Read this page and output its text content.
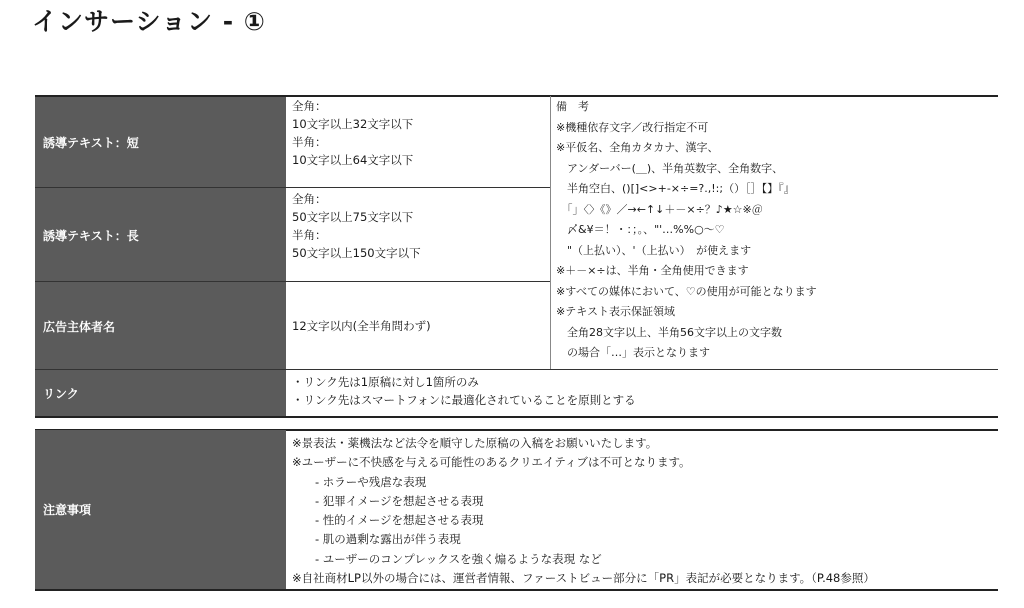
インサーション - ①
誘導テキスト：短
誘導テキスト：長
広告主体者名
リンク
全角：
10文字以上32文字以下
半角：
10文字以上64文字以下
全角：
50文字以上75文字以下
半角：
50文字以上150文字以下
12文字以内(全半角問わず)
・リンク先は1原稿に対し1箇所のみ
・リンク先はスマートフォンに最適化されていることを原則とする
備　考
※機種依存文字／改行指定不可
※平仮名、全角カタカナ、漢字、
　アンダーバー(＿)、半角英数字、全角数字、
　半角空白、()[]<>+-×÷=?.,!:;（）［］【】『』
　「」〈〉《》／→←↑↓＋－×÷？♪★☆※＠
　〆&¥＝！・：；。、"'…%%○～♡
　"（上払い）、'（上払い）　が使えます
※＋－×÷は、半角・全角使用できます
※すべての媒体において、♡の使用が可能となります
※テキスト表示保証領域
　全角28文字以上、半角56文字以上の文字数
　の場合「…」表示となります
注意事項
※景表法・薬機法など法令を順守した原稿の入稿をお願いいたします。
※ユーザーに不快感を与える可能性のあるクリエイティブは不可となります。
　　- ホラーや残虐な表現
　　- 犯罪イメージを想起させる表現
　　- 性的イメージを想起させる表現
　　- 肌の過剰な露出が伴う表現
　　- ユーザーのコンプレックスを強く煽るような表現 など
※自社商材LP以外の場合には、運営者情報、ファーストビュー部分に「PR」表記が必要となります。（P.48参照）
